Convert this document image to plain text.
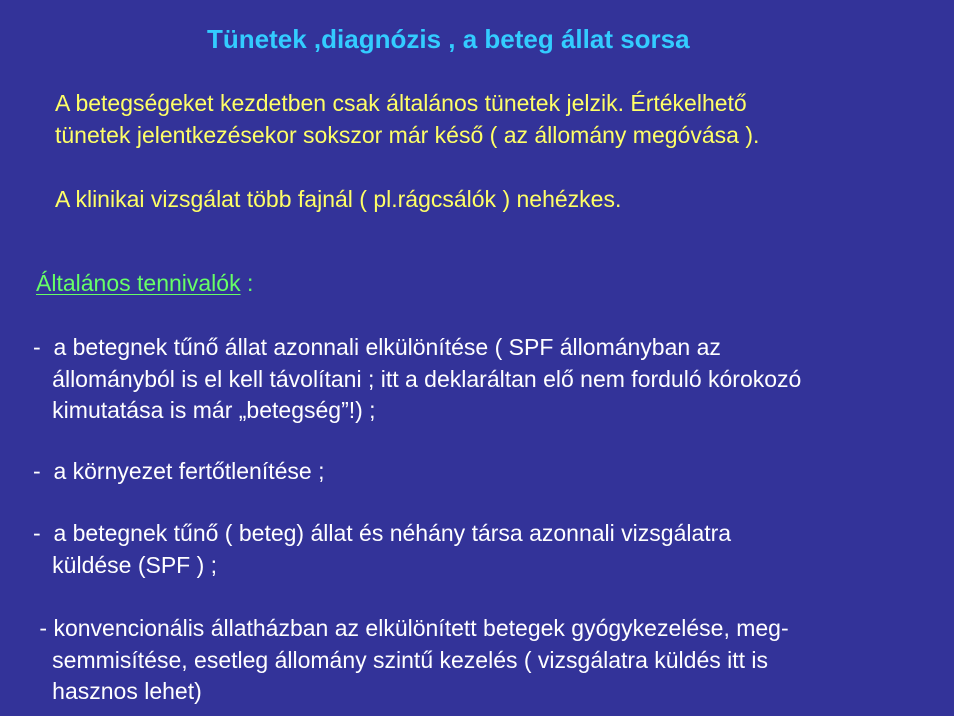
Tünetek ,diagnózis , a beteg állat sorsa
A betegségeket kezdetben csak általános tünetek jelzik. Értékelhető
tünetek jelentkezésekor sokszor már késő ( az állomány megóvása ).
A klinikai vizsgálat több fajnál ( pl.rágcsálók ) nehézkes.
Általános tennivalók :
-  a betegnek tűnő állat azonnali elkülönítése ( SPF állományban az
állományból is el kell távolítani ; itt a deklaráltan elő nem forduló kórokozó
kimutatása is már „betegség”!) ;
-  a környezet fertőtlenítése ;
-  a betegnek tűnő ( beteg) állat és néhány társa azonnali vizsgálatra
küldése (SPF ) ;
- konvencionális állatházban az elkülönített betegek gyógykezelése, meg-
semmisítése, esetleg állomány szintű kezelés ( vizsgálatra küldés itt is
hasznos lehet)
